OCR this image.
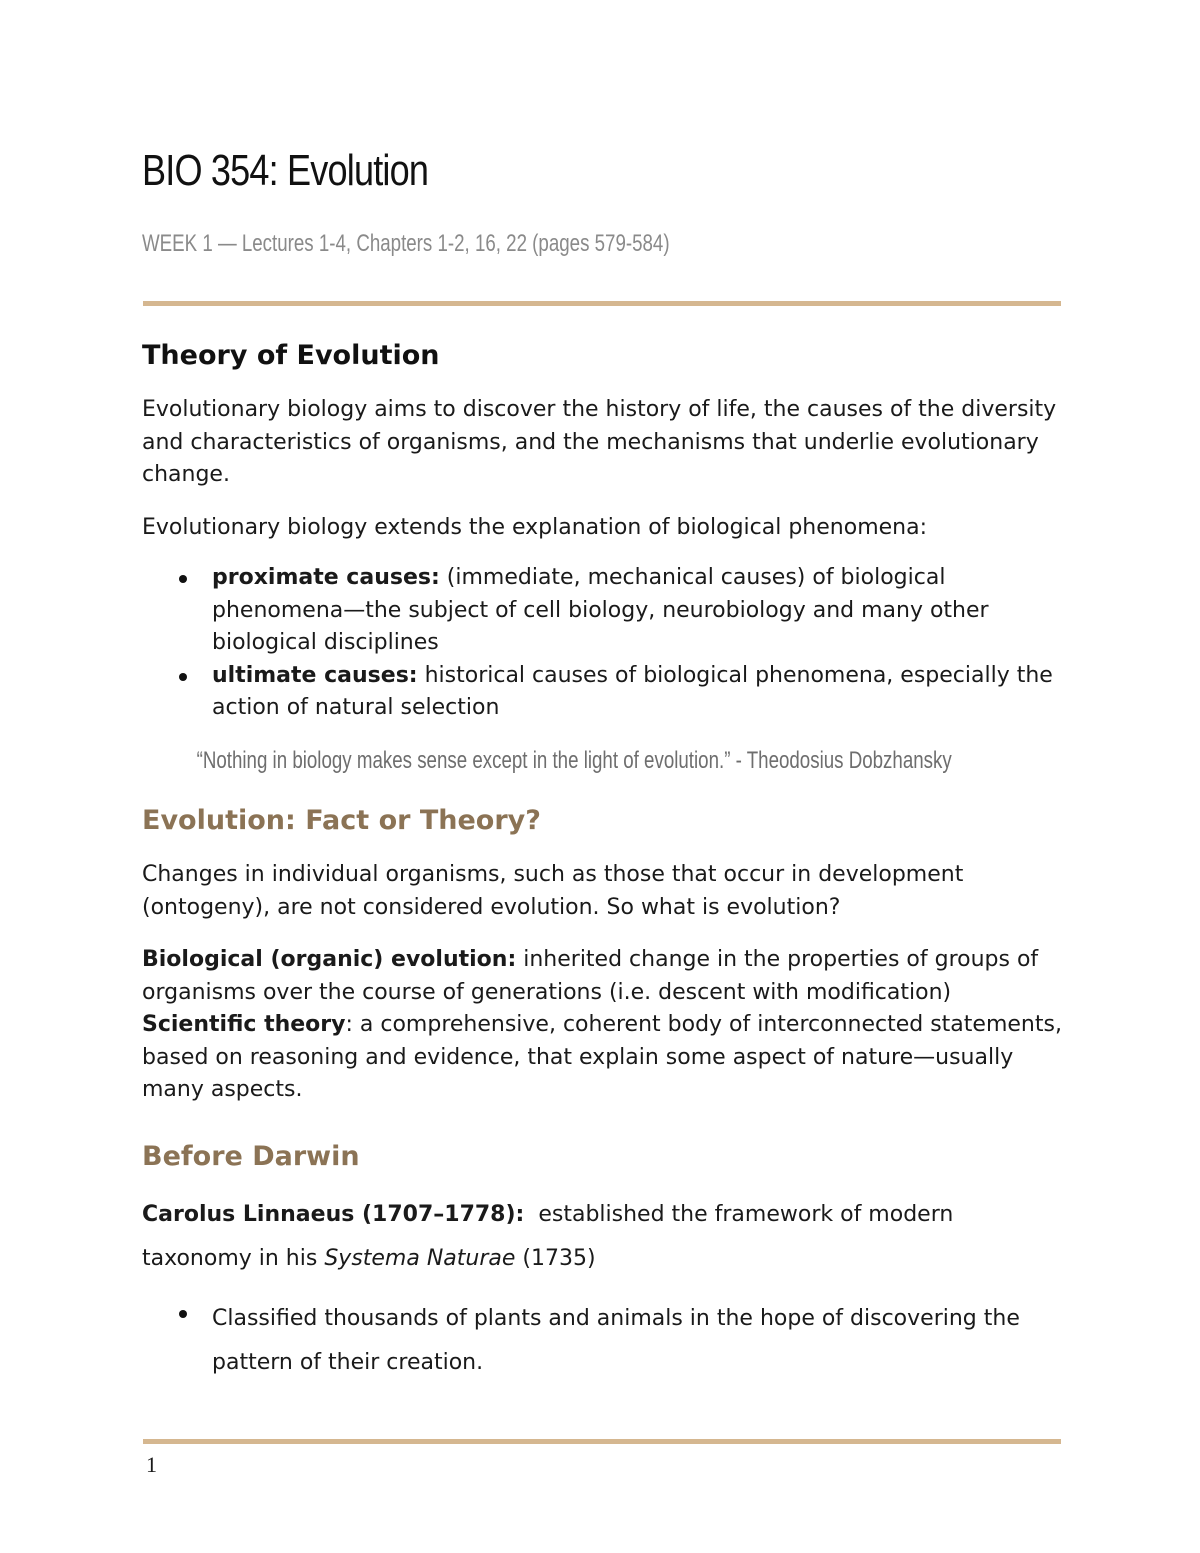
BIO 354: Evolution

WEEK 1 — Lectures 1-4, Chapters 1-2, 16, 22 (pages 579-584)

Theory of Evolution

Evolutionary biology aims to discover the history of life, the causes of the diversity and characteristics of organisms, and the mechanisms that underlie evolutionary change.

Evolutionary biology extends the explanation of biological phenomena:

proximate causes: (immediate, mechanical causes) of biological phenomena—the subject of cell biology, neurobiology and many other biological disciplines
ultimate causes: historical causes of biological phenomena, especially the action of natural selection

“Nothing in biology makes sense except in the light of evolution.” - Theodosius Dobzhansky

Evolution: Fact or Theory?

Changes in individual organisms, such as those that occur in development (ontogeny), are not considered evolution. So what is evolution?

Biological (organic) evolution: inherited change in the properties of groups of organisms over the course of generations (i.e. descent with modification)
Scientific theory: a comprehensive, coherent body of interconnected statements, based on reasoning and evidence, that explain some aspect of nature—usually many aspects.

Before Darwin

Carolus Linnaeus (1707–1778):  established the framework of modern taxonomy in his Systema Naturae (1735)

Classified thousands of plants and animals in the hope of discovering the pattern of their creation.
1
